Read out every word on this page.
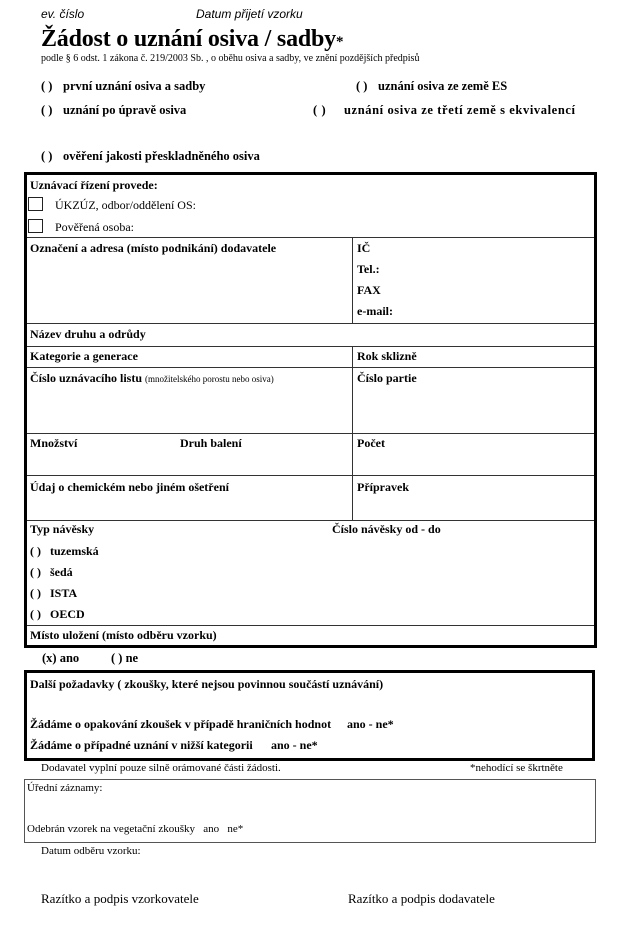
ev. číslo	Datum přijetí vzorku
Žádost o uznání osiva / sadby*
podle § 6 odst. 1 zákona č. 219/2003 Sb. , o oběhu osiva a sadby, ve znění pozdějších předpisů
( ) první uznání osiva a sadby	( ) uznání osiva ze země ES
( ) uznání po úpravě osiva	( ) uznání osiva ze třetí země s ekvivalencí
( ) ověření jakosti přeskladněného osiva
Uznávací řízení provede:
ÚKZÚZ, odbor/oddělení OS:
Pověřená osoba:
Označení a adresa (místo podnikání) dodavatele	IČ
Tel.:
FAX
e-mail:
Název druhu a odrůdy
Kategorie a generace	Rok sklizně
Číslo uznávacího listu (množitelského porostu nebo osiva)	Číslo partie
Množství	Druh balení	Počet
Údaj o chemickém nebo jiném ošetření	Přípravek
Typ návěsky	Číslo návěsky od - do
( ) tuzemská
( ) šedá
( ) ISTA
( ) OECD
Místo uložení (místo odběru vzorku)
(x) ano	( ) ne
Další požadavky ( zkoušky, které nejsou povinnou součástí uznávání)
Žádáme o opakování zkoušek v případě hraničních hodnot ano - ne*
Žádáme o případné uznání v nižší kategorii ano - ne*
Dodavatel vyplní pouze silně orámované části žádosti.	*nehodící se škrtněte
Úřední záznamy:
Odebrán vzorek na vegetační zkoušky ano   ne*
Datum odběru vzorku:
Razítko a podpis vzorkovatele	Razítko a podpis dodavatele
